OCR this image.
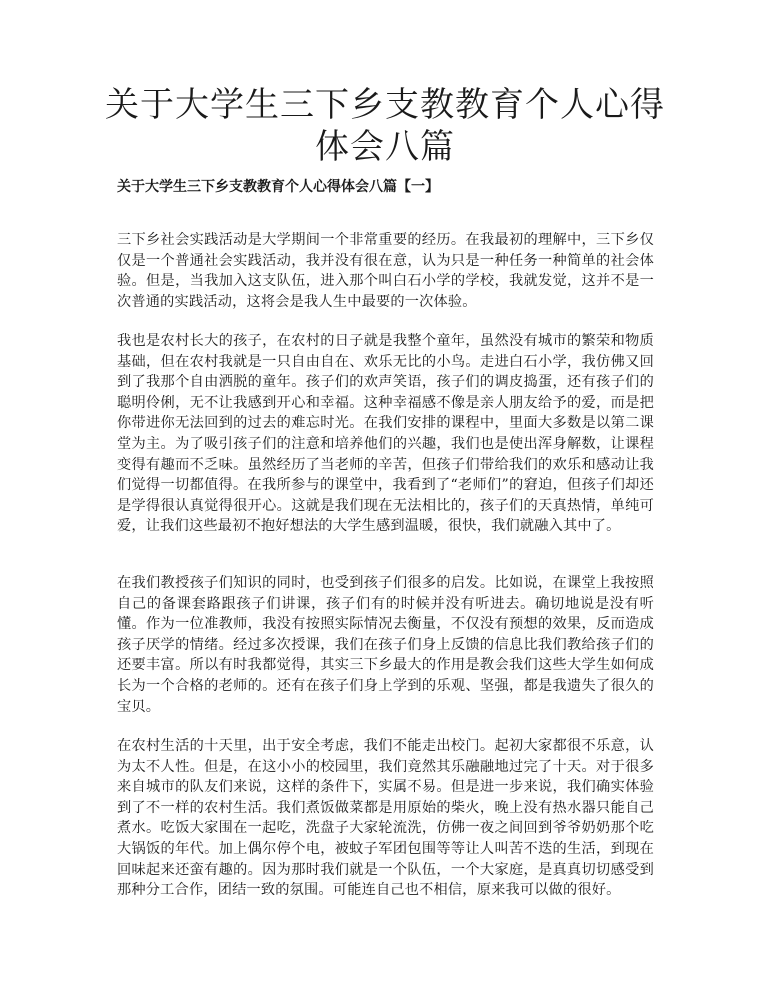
关于大学生三下乡支教教育个人心得体会八篇
关于大学生三下乡支教教育个人心得体会八篇【一】

三下乡社会实践活动是大学期间一个非常重要的经历。在我最初的理解中，三下乡仅仅是一个普通社会实践活动，我并没有很在意，认为只是一种任务一种简单的社会体验。但是，当我加入这支队伍，进入那个叫白石小学的学校，我就发觉，这并不是一次普通的实践活动，这将会是我人生中最要的一次体验。

我也是农村长大的孩子，在农村的日子就是我整个童年，虽然没有城市的繁荣和物质基础，但在农村我就是一只自由自在、欢乐无比的小鸟。走进白石小学，我仿佛又回到了我那个自由洒脱的童年。孩子们的欢声笑语，孩子们的调皮捣蛋，还有孩子们的聪明伶俐，无不让我感到开心和幸福。这种幸福感不像是亲人朋友给予的爱，而是把你带进你无法回到的过去的难忘时光。在我们安排的课程中，里面大多数是以第二课堂为主。为了吸引孩子们的注意和培养他们的兴趣，我们也是使出浑身解数，让课程变得有趣而不乏味。虽然经历了当老师的辛苦，但孩子们带给我们的欢乐和感动让我们觉得一切都值得。在我所参与的课堂中，我看到了“老师们”的窘迫，但孩子们却还是学得很认真觉得很开心。这就是我们现在无法相比的，孩子们的天真热情，单纯可爱，让我们这些最初不抱好想法的大学生感到温暖，很快，我们就融入其中了。

在我们教授孩子们知识的同时，也受到孩子们很多的启发。比如说，在课堂上我按照自己的备课套路跟孩子们讲课，孩子们有的时候并没有听进去。确切地说是没有听懂。作为一位准教师，我没有按照实际情况去衡量，不仅没有预想的效果，反而造成孩子厌学的情绪。经过多次授课，我们在孩子们身上反馈的信息比我们教给孩子们的还要丰富。所以有时我都觉得，其实三下乡最大的作用是教会我们这些大学生如何成长为一个合格的老师的。还有在孩子们身上学到的乐观、坚强，都是我遗失了很久的宝贝。

在农村生活的十天里，出于安全考虑，我们不能走出校门。起初大家都很不乐意，认为太不人性。但是，在这小小的校园里，我们竟然其乐融融地过完了十天。对于很多来自城市的队友们来说，这样的条件下，实属不易。但是进一步来说，我们确实体验到了不一样的农村生活。我们煮饭做菜都是用原始的柴火，晚上没有热水器只能自己煮水。吃饭大家围在一起吃，洗盘子大家轮流洗，仿佛一夜之间回到爷爷奶奶那个吃大锅饭的年代。加上偶尔停个电，被蚊子军团包围等等让人叫苦不迭的生活，到现在回味起来还蛮有趣的。因为那时我们就是一个队伍，一个大家庭，是真真切切感受到那种分工合作，团结一致的氛围。可能连自己也不相信，原来我可以做的很好。
